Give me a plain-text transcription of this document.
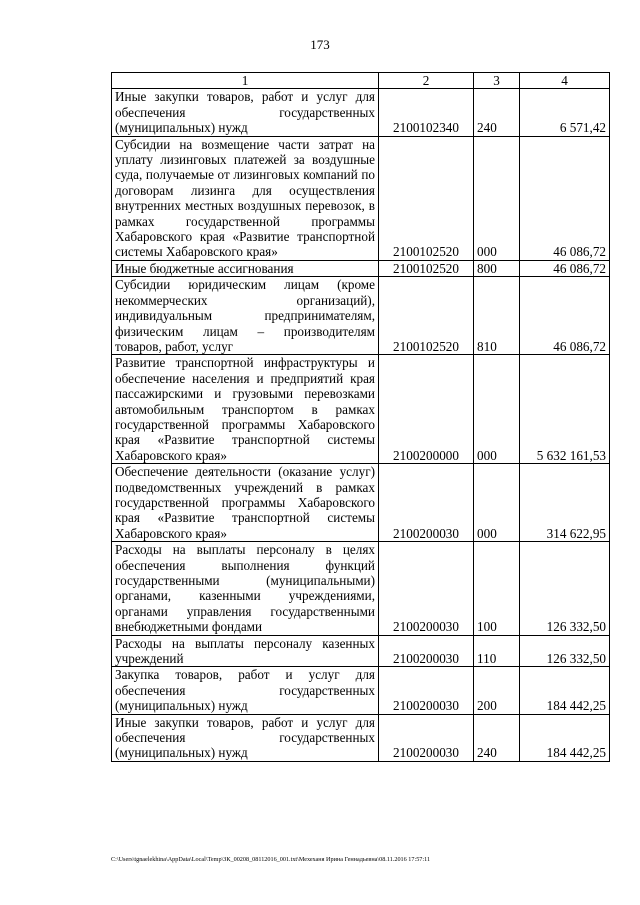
173
1	2	3	4
Иные закупки товаров, работ и услуг для обеспечения государственных (муниципальных) нужд	2100102340	240	6 571,42
Субсидии на возмещение части затрат на уплату лизинговых платежей за воздушные суда, получаемые от лизинговых компаний по договорам лизинга для осуществления внутренних местных воздушных перевозок, в рамках государственной программы Хабаровского края «Развитие транспортной системы Хабаровского края»	2100102520	000	46 086,72
Иные бюджетные ассигнования	2100102520	800	46 086,72
Субсидии юридическим лицам (кроме некоммерческих организаций), индивидуальным предпринимателям, физическим лицам – производителям товаров, работ, услуг	2100102520	810	46 086,72
Развитие транспортной инфраструктуры и обеспечение населения и предприятий края пассажирскими и грузовыми перевозками автомобильным транспортом в рамках государственной программы Хабаровского края «Развитие транспортной системы Хабаровского края»	2100200000	000	5 632 161,53
Обеспечение деятельности (оказание услуг) подведомственных учреждений в рамках государственной программы Хабаровского края «Развитие транспортной системы Хабаровского края»	2100200030	000	314 622,95
Расходы на выплаты персоналу в целях обеспечения выполнения функций государственными (муниципальными) органами, казенными учреждениями, органами управления государственными внебюджетными фондами	2100200030	100	126 332,50
Расходы на выплаты персоналу казенных учреждений	2100200030	110	126 332,50
Закупка товаров, работ и услуг для обеспечения государственных (муниципальных) нужд	2100200030	200	184 442,25
Иные закупки товаров, работ и услуг для обеспечения государственных (муниципальных) нужд	2100200030	240	184 442,25
C:\Users\tgnaelekhina\AppData\Local\Temp\ЗК_00208_08112016_001.txt\Мехеханя Ирина Геннадьевна\08.11.2016 17:57:11
